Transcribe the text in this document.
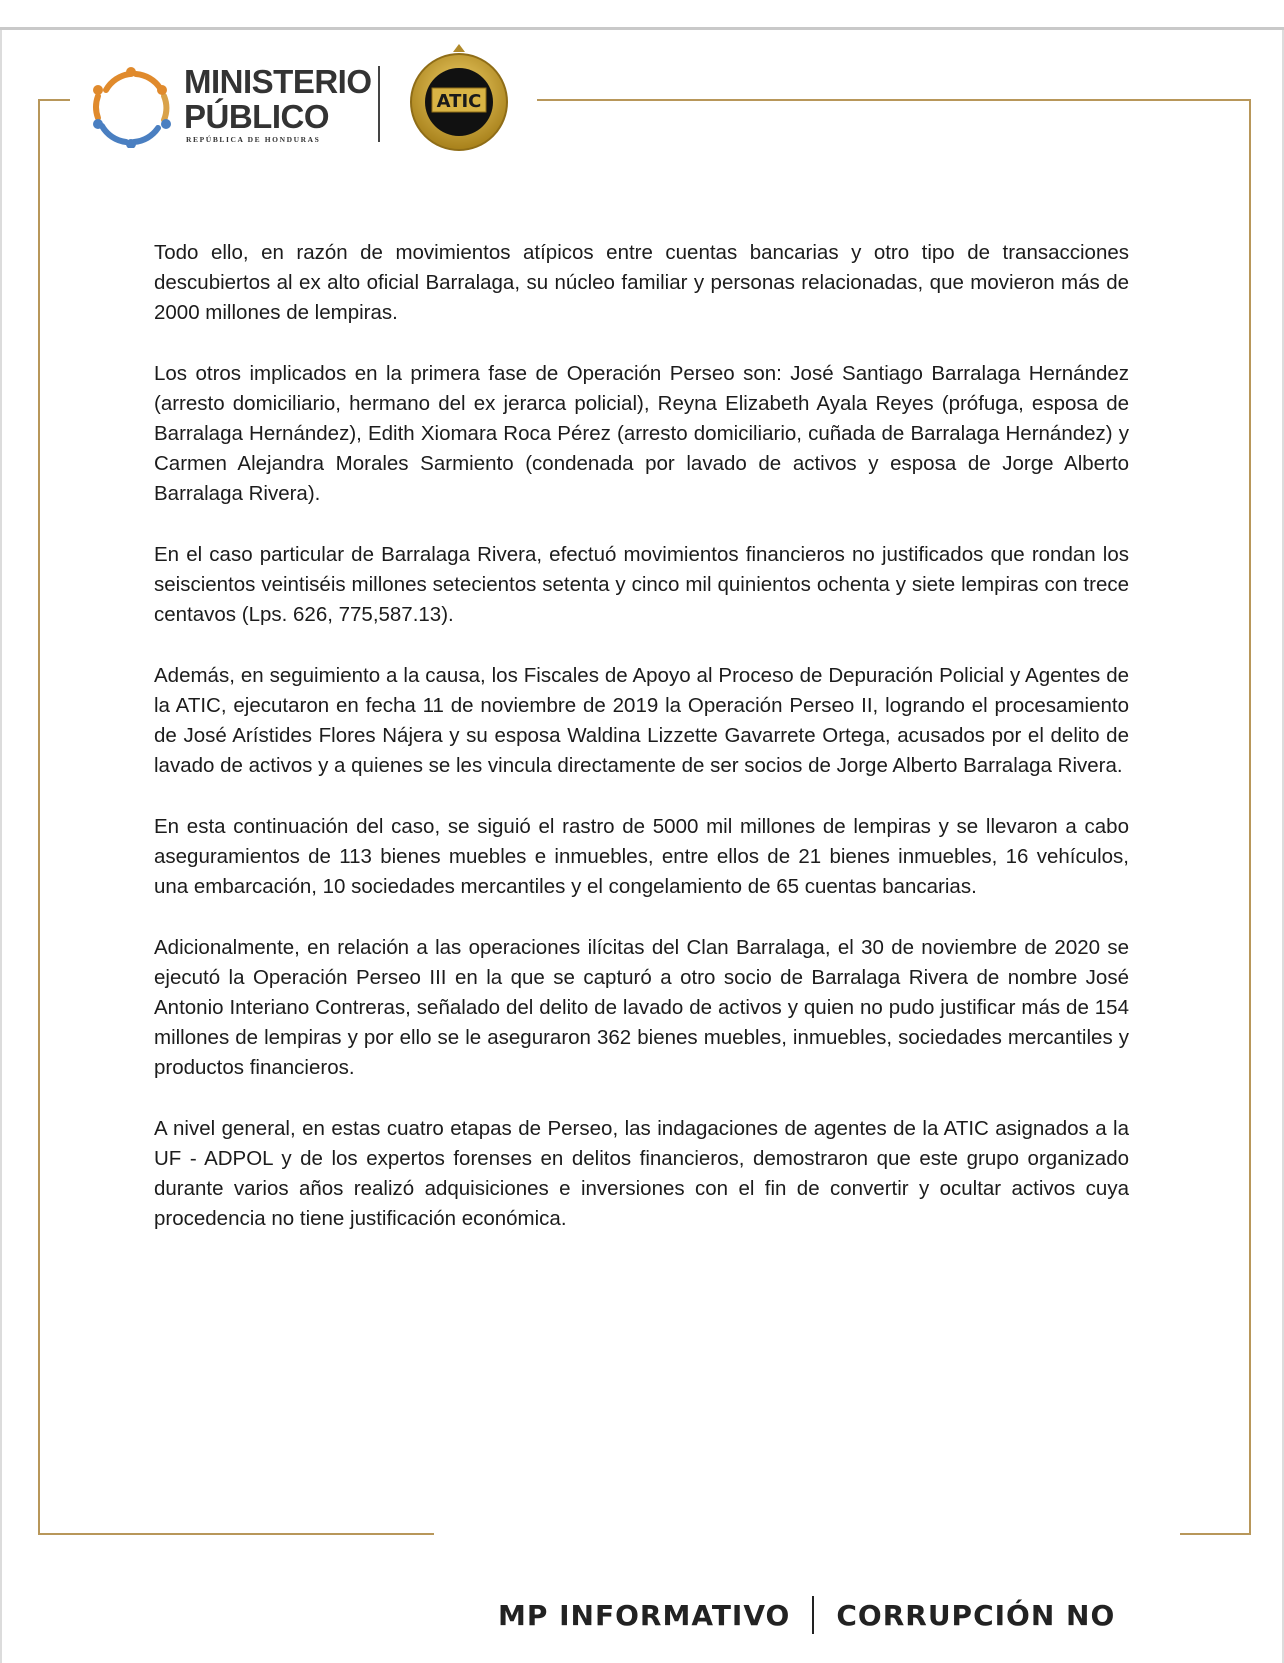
MINISTERIO
PÚBLICO
REPÚBLICA DE HONDURAS
ATIC

Todo ello, en razón de movimientos atípicos entre cuentas bancarias y otro tipo de transacciones descubiertos al ex alto oficial Barralaga, su núcleo familiar y personas relacionadas, que movieron más de 2000 millones de lempiras.

Los otros implicados en la primera fase de Operación Perseo son: José Santiago Barralaga Hernández (arresto domiciliario, hermano del ex jerarca policial), Reyna Elizabeth Ayala Reyes (prófuga, esposa de Barralaga Hernández), Edith Xiomara Roca Pérez (arresto domiciliario, cuñada de Barralaga Hernández) y Carmen Alejandra Morales Sarmiento (condenada por lavado de activos y esposa de Jorge Alberto Barralaga Rivera).

En el caso particular de Barralaga Rivera, efectuó movimientos financieros no justificados que rondan los seiscientos veintiséis millones setecientos setenta y cinco mil quinientos ochenta y siete lempiras con trece centavos (Lps. 626, 775,587.13).

Además, en seguimiento a la causa, los Fiscales de Apoyo al Proceso de Depuración Policial y Agentes de la ATIC, ejecutaron en fecha 11 de noviembre de 2019 la Operación Perseo II, logrando el procesamiento de José Arístides Flores Nájera y su esposa Waldina Lizzette Gavarrete Ortega, acusados por el delito de lavado de activos y a quienes se les vincula directamente de ser socios de Jorge Alberto Barralaga Rivera.

En esta continuación del caso, se siguió el rastro de 5000 mil millones de lempiras y se llevaron a cabo aseguramientos de 113 bienes muebles e inmuebles, entre ellos de 21 bienes inmuebles, 16 vehículos, una embarcación, 10 sociedades mercantiles y el congelamiento de 65 cuentas bancarias.

Adicionalmente, en relación a las operaciones ilícitas del Clan Barralaga, el 30 de noviembre de 2020 se ejecutó la Operación Perseo III en la que se capturó a otro socio de Barralaga Rivera de nombre José Antonio Interiano Contreras, señalado del delito de lavado de activos y quien no pudo justificar más de 154 millones de lempiras y por ello se le aseguraron 362 bienes muebles, inmuebles, sociedades mercantiles y productos financieros.

A nivel general, en estas cuatro etapas de Perseo, las indagaciones de agentes de la ATIC asignados a la UF - ADPOL y de los expertos forenses en delitos financieros, demostraron que este grupo organizado durante varios años realizó adquisiciones e inversiones con el fin de convertir y ocultar activos cuya procedencia no tiene justificación económica.

MP INFORMATIVO CORRUPCIÓN NO
